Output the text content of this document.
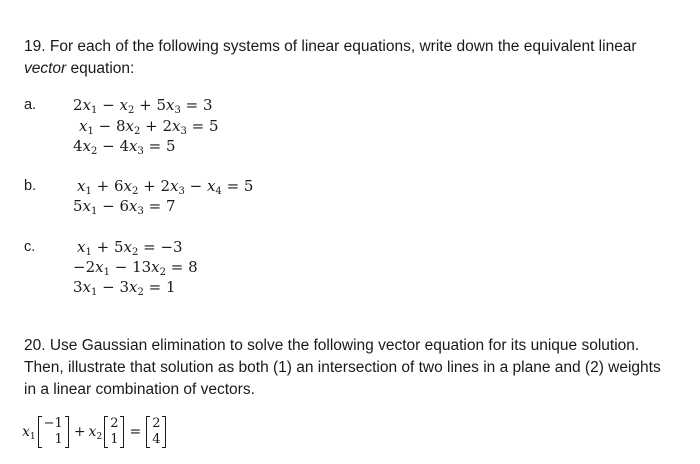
19. For each of the following systems of linear equations, write down the equivalent linear vector equation:
a. $2x_1 - x_2 + 5x_3 = 3$
$x_1 - 8x_2 + 2x_3 = 5$
$4x_2 - 4x_3 = 5$
b.	$x_1 + 6x_2 + 2x_3 - x_4 = 5$
$5x_1 - 6x_3 = 7$
c.	$x_1 + 5x_2 = -3$
$-2x_1 - 13x_2 = 8$
$3x_1 - 3x_2 = 1$
20. Use Gaussian elimination to solve the following vector equation for its unique solution. Then, illustrate that solution as both (1) an intersection of two lines in a plane and (2) weights in a linear combination of vectors.
$x_1$
−1
$1 + x_2$
2
1 =
2
4
